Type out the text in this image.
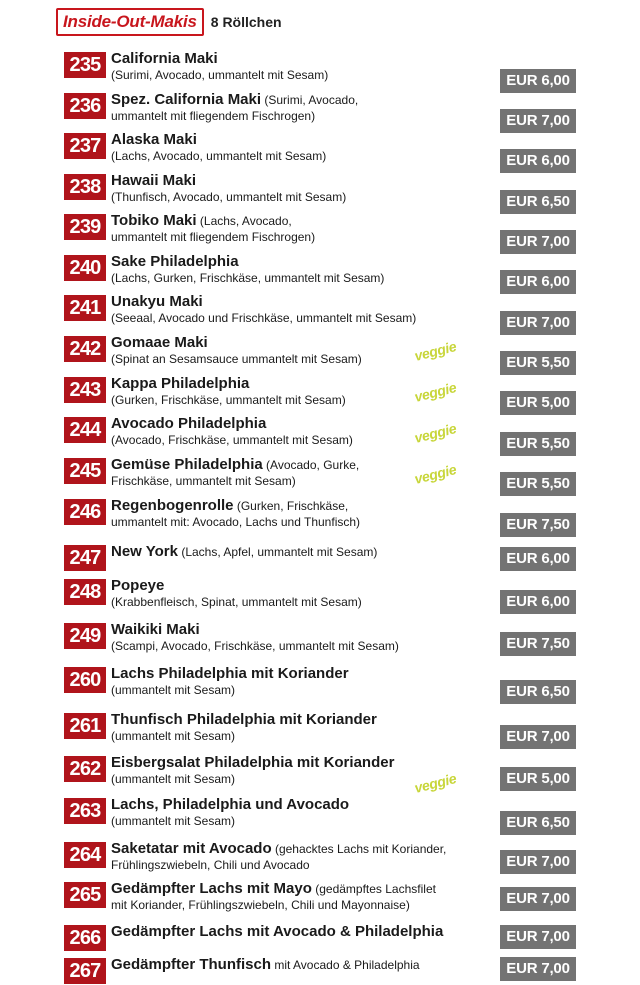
Inside-Out-Makis	8 Röllchen
235 California Maki
(Surimi, Avocado, ummantelt mit Sesam)	EUR 6,00
236 Spez. California Maki (Surimi, Avocado,
ummantelt mit fliegendem Fischrogen)	EUR 7,00
237 Alaska Maki
(Lachs, Avocado, ummantelt mit Sesam)	EUR 6,00
238 Hawaii Maki
(Thunfisch, Avocado, ummantelt mit Sesam)	EUR 6,50
239 Tobiko Maki (Lachs, Avocado,
ummantelt mit fliegendem Fischrogen)	EUR 7,00
240 Sake Philadelphia
(Lachs, Gurken, Frischkäse, ummantelt mit Sesam)	EUR 6,00
241 Unakyu Maki
(Seeaal, Avocado und Frischkäse, ummantelt mit Sesam)	EUR 7,00
242 Gomaae Maki
(Spinat an Sesamsauce ummantelt mit Sesam)	EUR 5,50
veggie
243 Kappa Philadelphia
(Gurken, Frischkäse, ummantelt mit Sesam)	EUR 5,00
veggie
244 Avocado Philadelphia
(Avocado, Frischkäse, ummantelt mit Sesam)	EUR 5,50
veggie
245 Gemüse Philadelphia (Avocado, Gurke,
Frischkäse, ummantelt mit Sesam)	EUR 5,50
veggie
246 Regenbogenrolle (Gurken, Frischkäse,
ummantelt mit: Avocado, Lachs und Thunfisch)	EUR 7,50
247 New York (Lachs, Apfel, ummantelt mit Sesam)	EUR 6,00
248 Popeye
(Krabbenfleisch, Spinat, ummantelt mit Sesam)	EUR 6,00
249 Waikiki Maki
(Scampi, Avocado, Frischkäse, ummantelt mit Sesam)	EUR 7,50
260 Lachs Philadelphia mit Koriander
(ummantelt mit Sesam)	EUR 6,50
261 Thunfisch Philadelphia mit Koriander
(ummantelt mit Sesam)	EUR 7,00
262 Eisbergsalat Philadelphia mit Koriander
(ummantelt mit Sesam)	EUR 5,00
veggie
263 Lachs, Philadelphia und Avocado
(ummantelt mit Sesam)	EUR 6,50
264 Saketatar mit Avocado (gehacktes Lachs mit Koriander,
Frühlingszwiebeln, Chili und Avocado	EUR 7,00
265 Gedämpfter Lachs mit Mayo (gedämpftes Lachsfilet
mit Koriander, Frühlingszwiebeln, Chili und Mayonnaise)	EUR 7,00
266 Gedämpfter Lachs mit Avocado & Philadelphia	EUR 7,00
267 Gedämpfter Thunfisch mit Avocado & Philadelphia	EUR 7,00
